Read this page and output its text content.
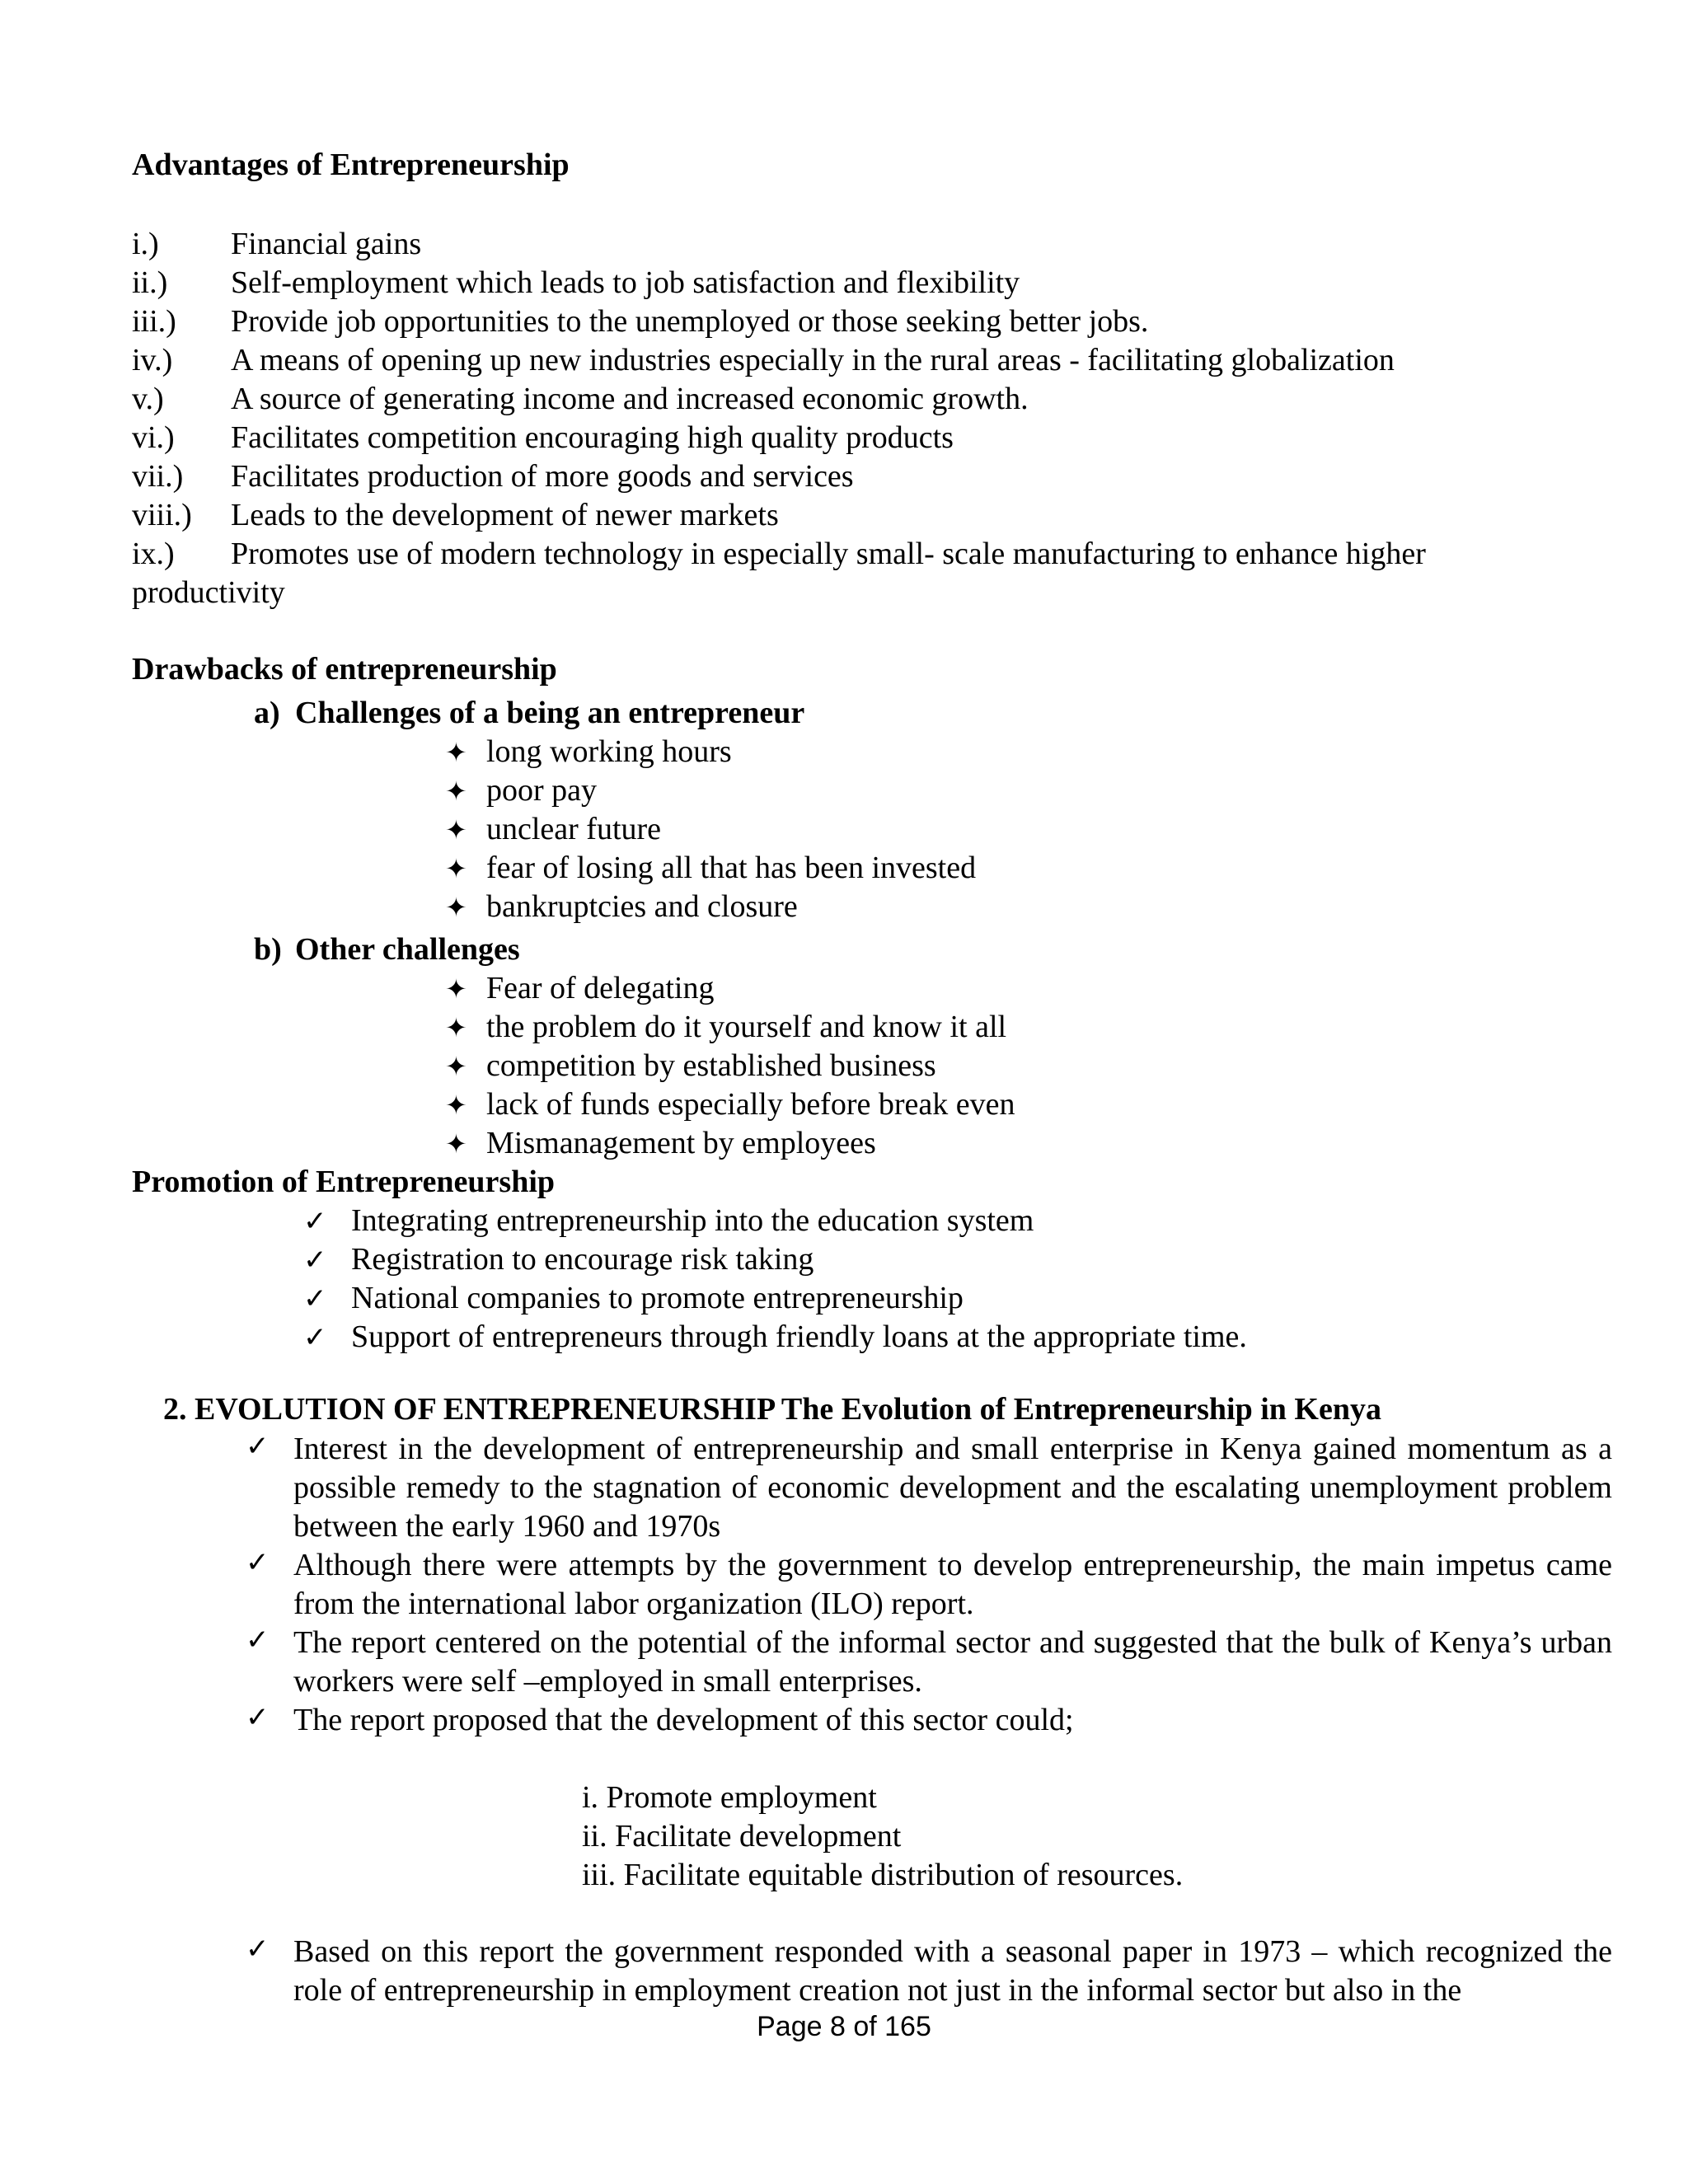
Advantages of Entrepreneurship
i.) Financial gains
ii.) Self-employment which leads to job satisfaction and flexibility
iii.) Provide job opportunities to the unemployed or those seeking better jobs.
iv.) A means of opening up new industries especially in the rural areas - facilitating globalization
v.) A source of generating income and increased economic growth.
vi.) Facilitates competition encouraging high quality products
vii.) Facilitates production of more goods and services
viii.) Leads to the development of newer markets
ix.) Promotes use of modern technology in especially small- scale manufacturing to enhance higher
productivity
Drawbacks of entrepreneurship
a) Challenges of a being an entrepreneur
✦ long working hours
✦ poor pay
✦ unclear future
✦ fear of losing all that has been invested
✦ bankruptcies and closure
b) Other challenges
✦ Fear of delegating
✦ the problem do it yourself and know it all
✦ competition by established business
✦ lack of funds especially before break even
✦ Mismanagement by employees
Promotion of Entrepreneurship
✓ Integrating entrepreneurship into the education system
✓ Registration to encourage risk taking
✓ National companies to promote entrepreneurship
✓ Support of entrepreneurs through friendly loans at the appropriate time.
2. EVOLUTION OF ENTREPRENEURSHIP The Evolution of Entrepreneurship in Kenya
✓ Interest in the development of entrepreneurship and small enterprise in Kenya gained momentum as a possible remedy to the stagnation of economic development and the escalating unemployment problem between the early 1960 and 1970s
✓ Although there were attempts by the government to develop entrepreneurship, the main impetus came from the international labor organization (ILO) report.
✓ The report centered on the potential of the informal sector and suggested that the bulk of Kenya’s urban workers were self –employed in small enterprises.
✓ The report proposed that the development of this sector could;
i. Promote employment
ii. Facilitate development
iii. Facilitate equitable distribution of resources.
✓ Based on this report the government responded with a seasonal paper in 1973 – which recognized the role of entrepreneurship in employment creation not just in the informal sector but also in the
Page 8 of 165
